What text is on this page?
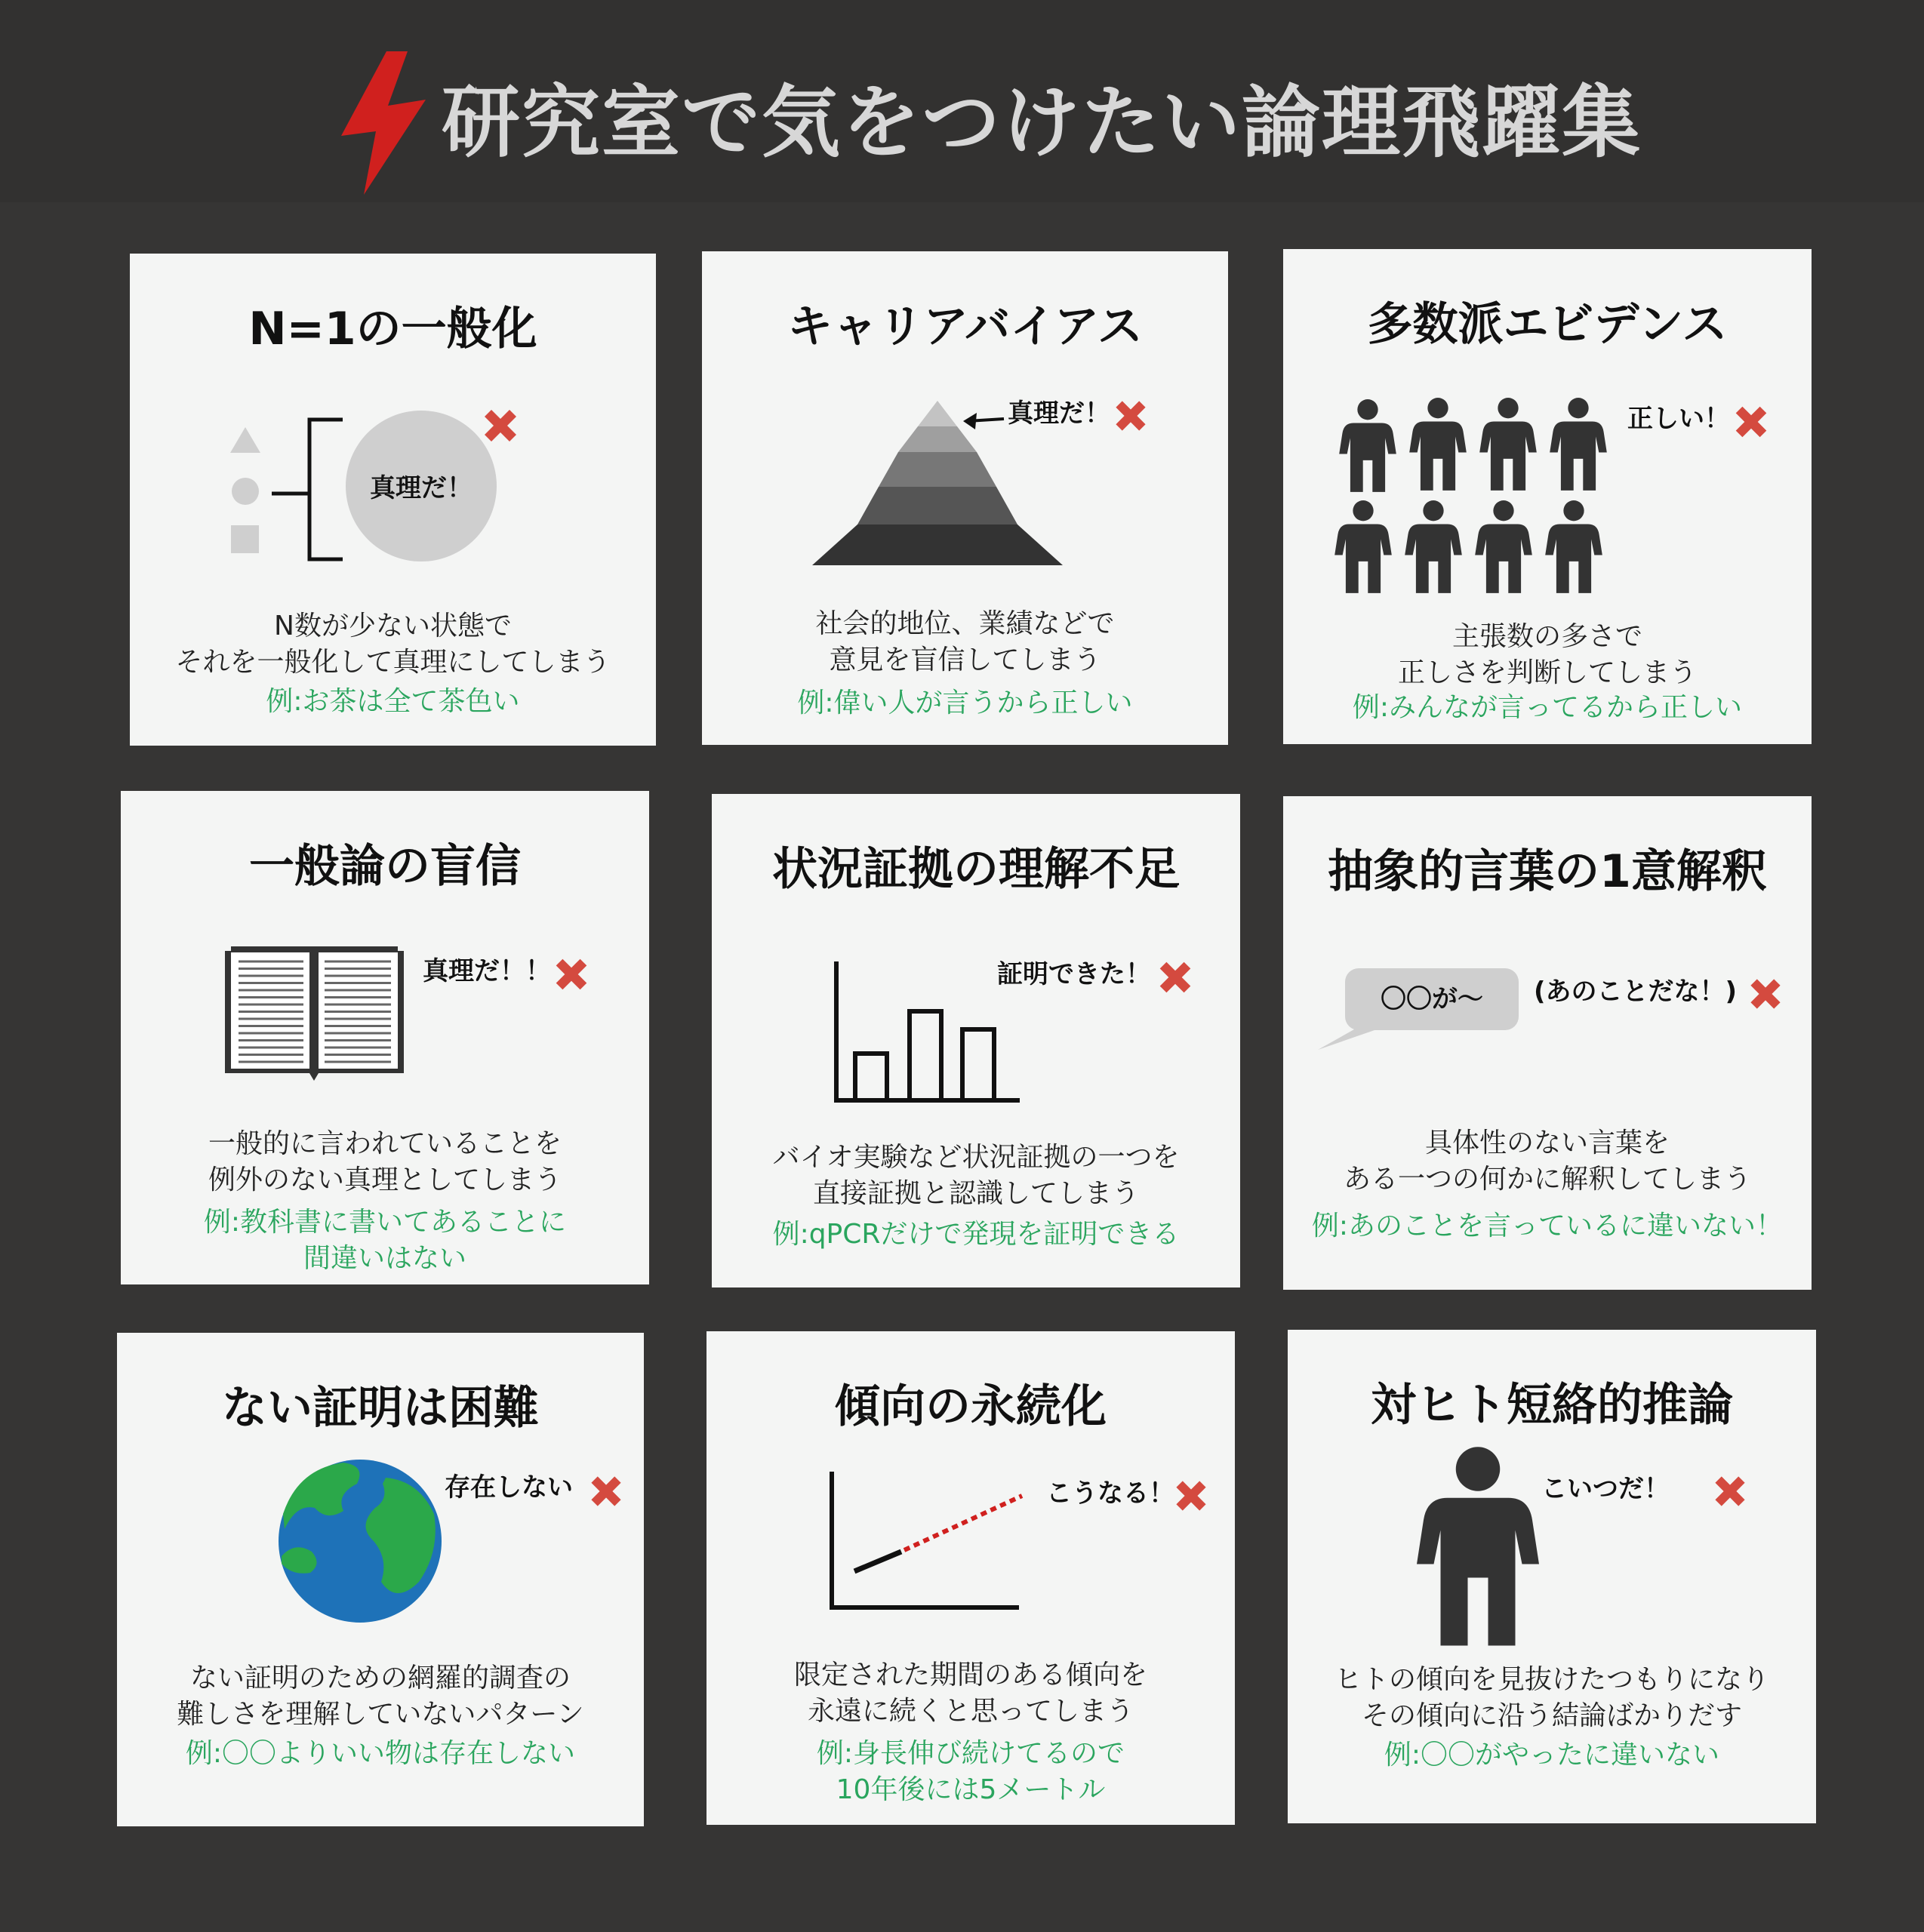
研究室で気をつけたい論理飛躍集
N=1の一般化
真理だ！
N数が少ない状態で
それを一般化して真理にしてしまう
例:お茶は全て茶色い
キャリアバイアス
真理だ！
社会的地位、業績などで
意見を盲信してしまう
例:偉い人が言うから正しい
多数派エビデンス
正しい！
主張数の多さで
正しさを判断してしまう
例:みんなが言ってるから正しい
一般論の盲信
真理だ！！
一般的に言われていることを
例外のない真理としてしまう
例:教科書に書いてあることに
間違いはない
状況証拠の理解不足
証明できた！
バイオ実験など状況証拠の一つを
直接証拠と認識してしまう
例:qPCRだけで発現を証明できる
抽象的言葉の1意解釈
〇〇が〜 (あのことだな！)
具体性のない言葉を
ある一つの何かに解釈してしまう
例:あのことを言っているに違いない！
ない証明は困難
存在しない
ない証明のための網羅的調査の
難しさを理解していないパターン
例:〇〇よりいい物は存在しない
傾向の永続化
こうなる！
限定された期間のある傾向を
永遠に続くと思ってしまう
例:身長伸び続けてるので
10年後には5メートル
対ヒト短絡的推論
こいつだ！
ヒトの傾向を見抜けたつもりになり
その傾向に沿う結論ばかりだす
例:〇〇がやったに違いない
